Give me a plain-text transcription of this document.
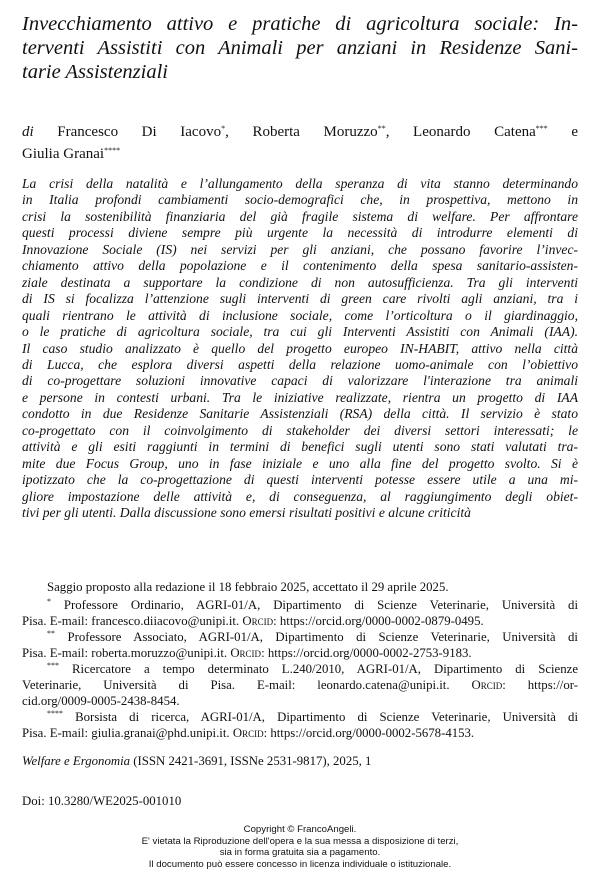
Invecchiamento attivo e pratiche di agricoltura sociale: In-
terventi Assistiti con Animali per anziani in Residenze Sani-
tarie Assistenziali
di Francesco Di Iacovo*, Roberta Moruzzo**, Leonardo Catena*** e
Giulia Granai****
La crisi della natalità e l’allungamento della speranza di vita stanno determinando
in Italia profondi cambiamenti socio-demografici che, in prospettiva, mettono in
crisi la sostenibilità finanziaria del già fragile sistema di welfare. Per affrontare
questi processi diviene sempre più urgente la necessità di introdurre elementi di
Innovazione Sociale (IS) nei servizi per gli anziani, che possano favorire l’invec-
chiamento attivo della popolazione e il contenimento della spesa sanitario-assisten-
ziale destinata a supportare la condizione di non autosufficienza. Tra gli interventi
di IS si focalizza l’attenzione sugli interventi di green care rivolti agli anziani, tra i
quali rientrano le attività di inclusione sociale, come l’orticoltura o il giardinaggio,
o le pratiche di agricoltura sociale, tra cui gli Interventi Assistiti con Animali (IAA).
Il caso studio analizzato è quello del progetto europeo IN-HABIT, attivo nella città
di Lucca, che esplora diversi aspetti della relazione uomo-animale con l’obiettivo
di co-progettare soluzioni innovative capaci di valorizzare l'interazione tra animali
e persone in contesti urbani. Tra le iniziative realizzate, rientra un progetto di IAA
condotto in due Residenze Sanitarie Assistenziali (RSA) della città. Il servizio è stato
co-progettato con il coinvolgimento di stakeholder dei diversi settori interessati; le
attività e gli esiti raggiunti in termini di benefici sugli utenti sono stati valutati tra-
mite due Focus Group, uno in fase iniziale e uno alla fine del progetto svolto. Si è
ipotizzato che la co-progettazione di questi interventi potesse essere utile a una mi-
gliore impostazione delle attività e, di conseguenza, al raggiungimento degli obiet-
tivi per gli utenti. Dalla discussione sono emersi risultati positivi e alcune criticità
Saggio proposto alla redazione il 18 febbraio 2025, accettato il 29 aprile 2025.
* Professore Ordinario, AGRI-01/A, Dipartimento di Scienze Veterinarie, Università di
Pisa. E-mail: francesco.diiacovo@unipi.it. Orcid: https://orcid.org/0000-0002-0879-0495.
** Professore Associato, AGRI-01/A, Dipartimento di Scienze Veterinarie, Università di
Pisa. E-mail: roberta.moruzzo@unipi.it. Orcid: https://orcid.org/0000-0002-2753-9183.
*** Ricercatore a tempo determinato L.240/2010, AGRI-01/A, Dipartimento di Scienze
Veterinarie, Università di Pisa. E-mail: leonardo.catena@unipi.it. Orcid: https://or-
cid.org/0009-0005-2438-8454.
**** Borsista di ricerca, AGRI-01/A, Dipartimento di Scienze Veterinarie, Università di
Pisa. E-mail: giulia.granai@phd.unipi.it. Orcid: https://orcid.org/0000-0002-5678-4153.
Welfare e Ergonomia (ISSN 2421-3691, ISSNe 2531-9817), 2025, 1
Doi: 10.3280/WE2025-001010
Copyright © FrancoAngeli.
E' vietata la Riproduzione dell'opera e la sua messa a disposizione di terzi,
sia in forma gratuita sia a pagamento.
Il documento può essere concesso in licenza individuale o istituzionale.
